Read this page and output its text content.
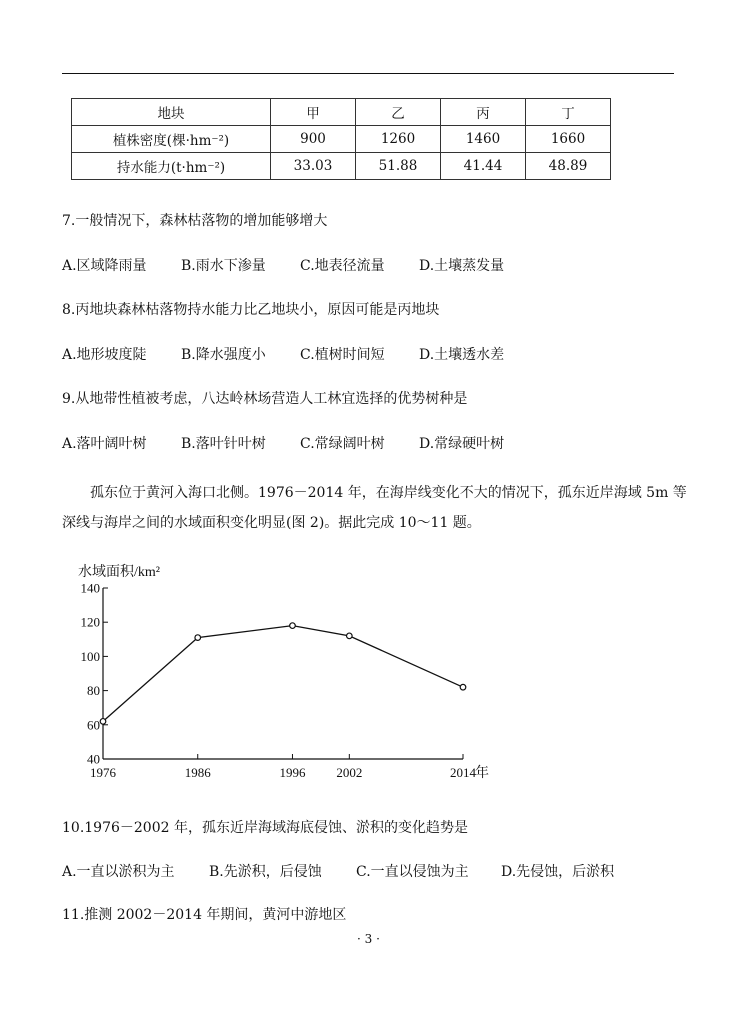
地块	甲	乙	丙	丁
植株密度(棵·hm⁻²)	900	1260	1460	1660
持水能力(t·hm⁻²)	33.03	51.88	41.44	48.89
7.一般情况下，森林枯落物的增加能够增大
A.区域降雨量 B.雨水下渗量 C.地表径流量 D.土壤蒸发量
8.丙地块森林枯落物持水能力比乙地块小，原因可能是丙地块
A.地形坡度陡 B.降水强度小 C.植树时间短 D.土壤透水差
9.从地带性植被考虑，八达岭林场营造人工林宜选择的优势树种是
A.落叶阔叶树 B.落叶针叶树 C.常绿阔叶树 D.常绿硬叶树
孤东位于黄河入海口北侧。1976－2014 年，在海岸线变化不大的情况下，孤东近岸海域 5m 等
深线与海岸之间的水域面积变化明显(图 2)。据此完成 10～11 题。
40
60
80
100
120
140
1976	1986	1996 2002	2014 年
水域面积/km²
10.1976－2002 年，孤东近岸海域海底侵蚀、淤积的变化趋势是
A.一直以淤积为主 B.先淤积，后侵蚀 C.一直以侵蚀为主 D.先侵蚀，后淤积
11.推测 2002－2014 年期间，黄河中游地区
· 3 ·
